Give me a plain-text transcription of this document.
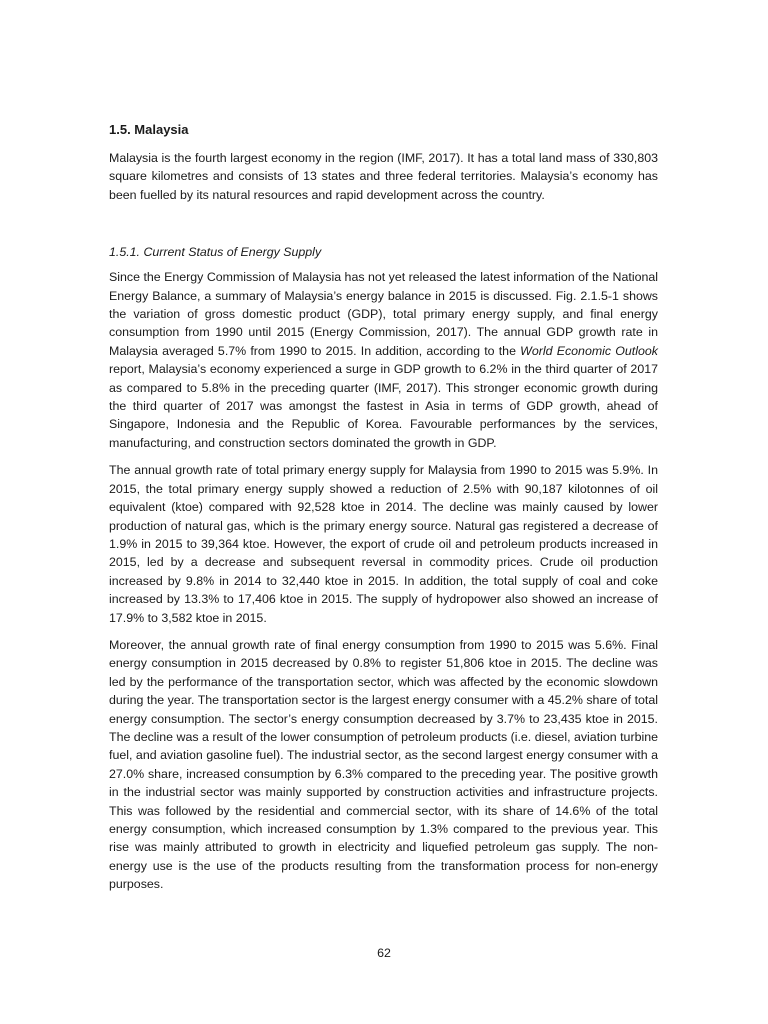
1.5. Malaysia

Malaysia is the fourth largest economy in the region (IMF, 2017). It has a total land mass of 330,803 square kilometres and consists of 13 states and three federal territories. Malaysia’s economy has been fuelled by its natural resources and rapid development across the country.

1.5.1. Current Status of Energy Supply

Since the Energy Commission of Malaysia has not yet released the latest information of the National Energy Balance, a summary of Malaysia’s energy balance in 2015 is discussed. Fig. 2.1.5-1 shows the variation of gross domestic product (GDP), total primary energy supply, and final energy consumption from 1990 until 2015 (Energy Commission, 2017). The annual GDP growth rate in Malaysia averaged 5.7% from 1990 to 2015. In addition, according to the World Economic Outlook report, Malaysia’s economy experienced a surge in GDP growth to 6.2% in the third quarter of 2017 as compared to 5.8% in the preceding quarter (IMF, 2017). This stronger economic growth during the third quarter of 2017 was amongst the fastest in Asia in terms of GDP growth, ahead of Singapore, Indonesia and the Republic of Korea. Favourable performances by the services, manufacturing, and construction sectors dominated the growth in GDP.

The annual growth rate of total primary energy supply for Malaysia from 1990 to 2015 was 5.9%. In 2015, the total primary energy supply showed a reduction of 2.5% with 90,187 kilotonnes of oil equivalent (ktoe) compared with 92,528 ktoe in 2014. The decline was mainly caused by lower production of natural gas, which is the primary energy source. Natural gas registered a decrease of 1.9% in 2015 to 39,364 ktoe. However, the export of crude oil and petroleum products increased in 2015, led by a decrease and subsequent reversal in commodity prices. Crude oil production increased by 9.8% in 2014 to 32,440 ktoe in 2015. In addition, the total supply of coal and coke increased by 13.3% to 17,406 ktoe in 2015. The supply of hydropower also showed an increase of 17.9% to 3,582 ktoe in 2015.

Moreover, the annual growth rate of final energy consumption from 1990 to 2015 was 5.6%. Final energy consumption in 2015 decreased by 0.8% to register 51,806 ktoe in 2015. The decline was led by the performance of the transportation sector, which was affected by the economic slowdown during the year. The transportation sector is the largest energy consumer with a 45.2% share of total energy consumption. The sector’s energy consumption decreased by 3.7% to 23,435 ktoe in 2015. The decline was a result of the lower consumption of petroleum products (i.e. diesel, aviation turbine fuel, and aviation gasoline fuel). The industrial sector, as the second largest energy consumer with a 27.0% share, increased consumption by 6.3% compared to the preceding year. The positive growth in the industrial sector was mainly supported by construction activities and infrastructure projects. This was followed by the residential and commercial sector, with its share of 14.6% of the total energy consumption, which increased consumption by 1.3% compared to the previous year. This rise was mainly attributed to growth in electricity and liquefied petroleum gas supply. The non-energy use is the use of the products resulting from the transformation process for non-energy purposes.

62
